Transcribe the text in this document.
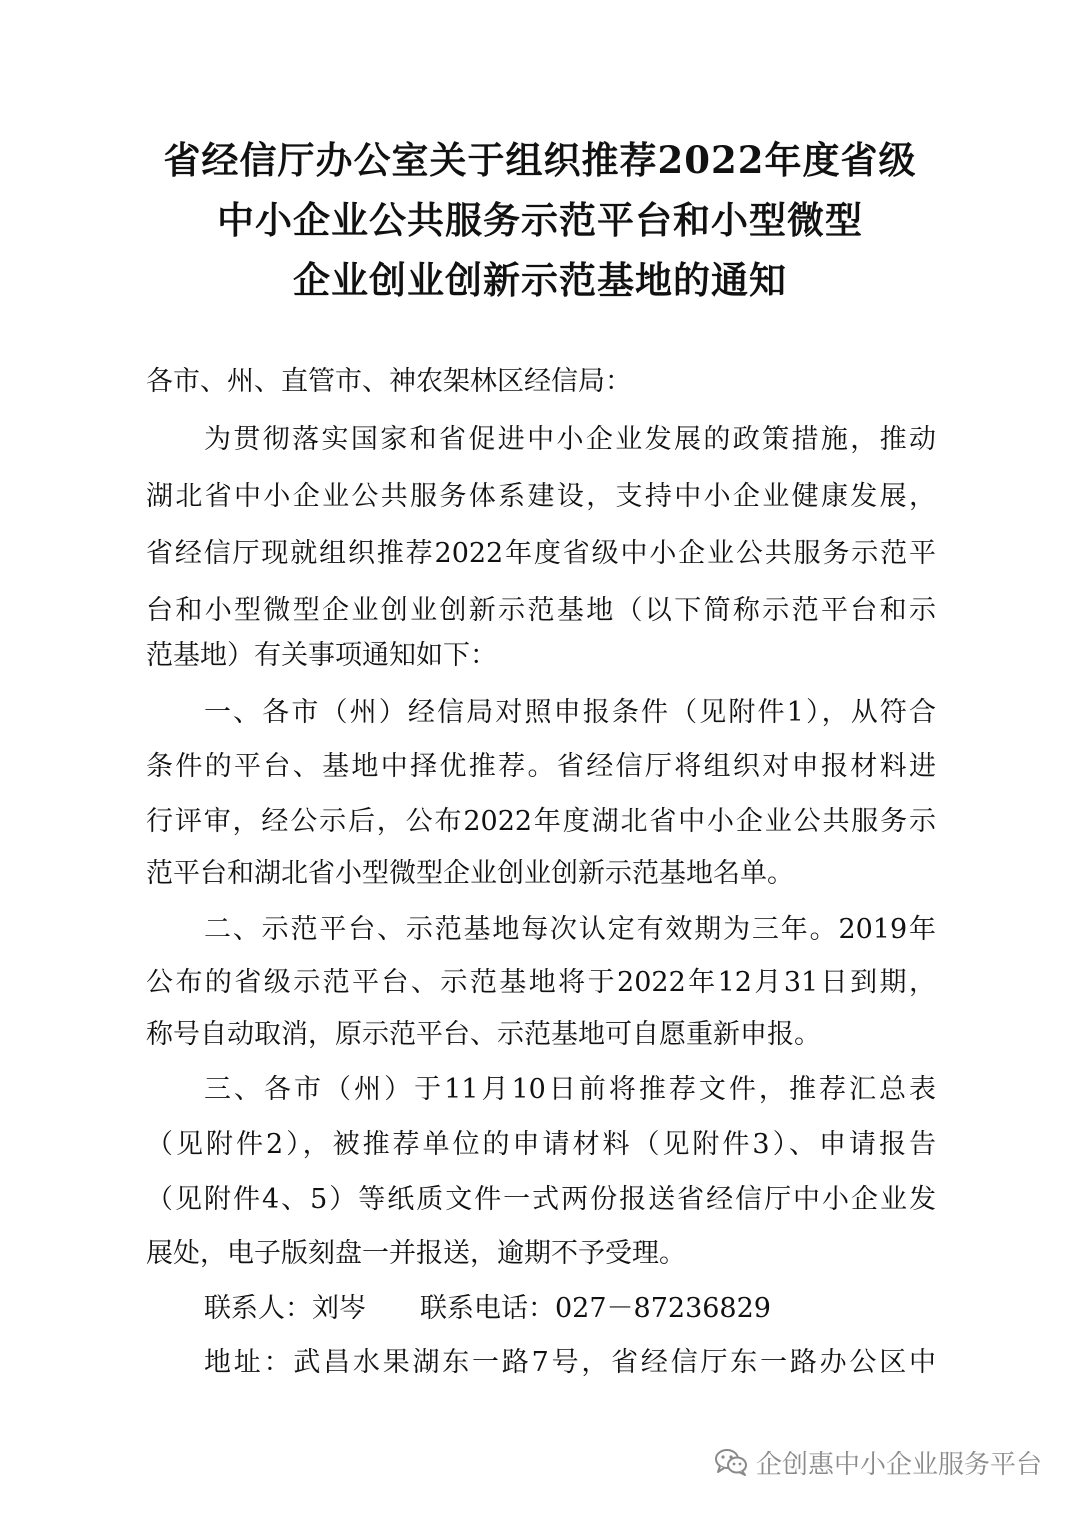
省经信厅办公室关于组织推荐2022年度省级
中小企业公共服务示范平台和小型微型
企业创业创新示范基地的通知
各市、州、直管市、神农架林区经信局：
为贯彻落实国家和省促进中小企业发展的政策措施，推动
湖北省中小企业公共服务体系建设，支持中小企业健康发展，
省经信厅现就组织推荐2022年度省级中小企业公共服务示范平
台和小型微型企业创业创新示范基地（以下简称示范平台和示
范基地）有关事项通知如下：
一、各市（州）经信局对照申报条件（见附件1），从符合
条件的平台、基地中择优推荐。省经信厅将组织对申报材料进
行评审，经公示后，公布2022年度湖北省中小企业公共服务示
范平台和湖北省小型微型企业创业创新示范基地名单。
二、示范平台、示范基地每次认定有效期为三年。2019年
公布的省级示范平台、示范基地将于2022年12月31日到期，
称号自动取消，原示范平台、示范基地可自愿重新申报。
三、各市（州）于11月10日前将推荐文件，推荐汇总表
（见附件2），被推荐单位的申请材料（见附件3）、申请报告
（见附件4、5）等纸质文件一式两份报送省经信厅中小企业发
展处，电子版刻盘一并报送，逾期不予受理。
联系人：刘岑　　联系电话：027－87236829
地址：武昌水果湖东一路7号，省经信厅东一路办公区中
企创惠中小企业服务平台
